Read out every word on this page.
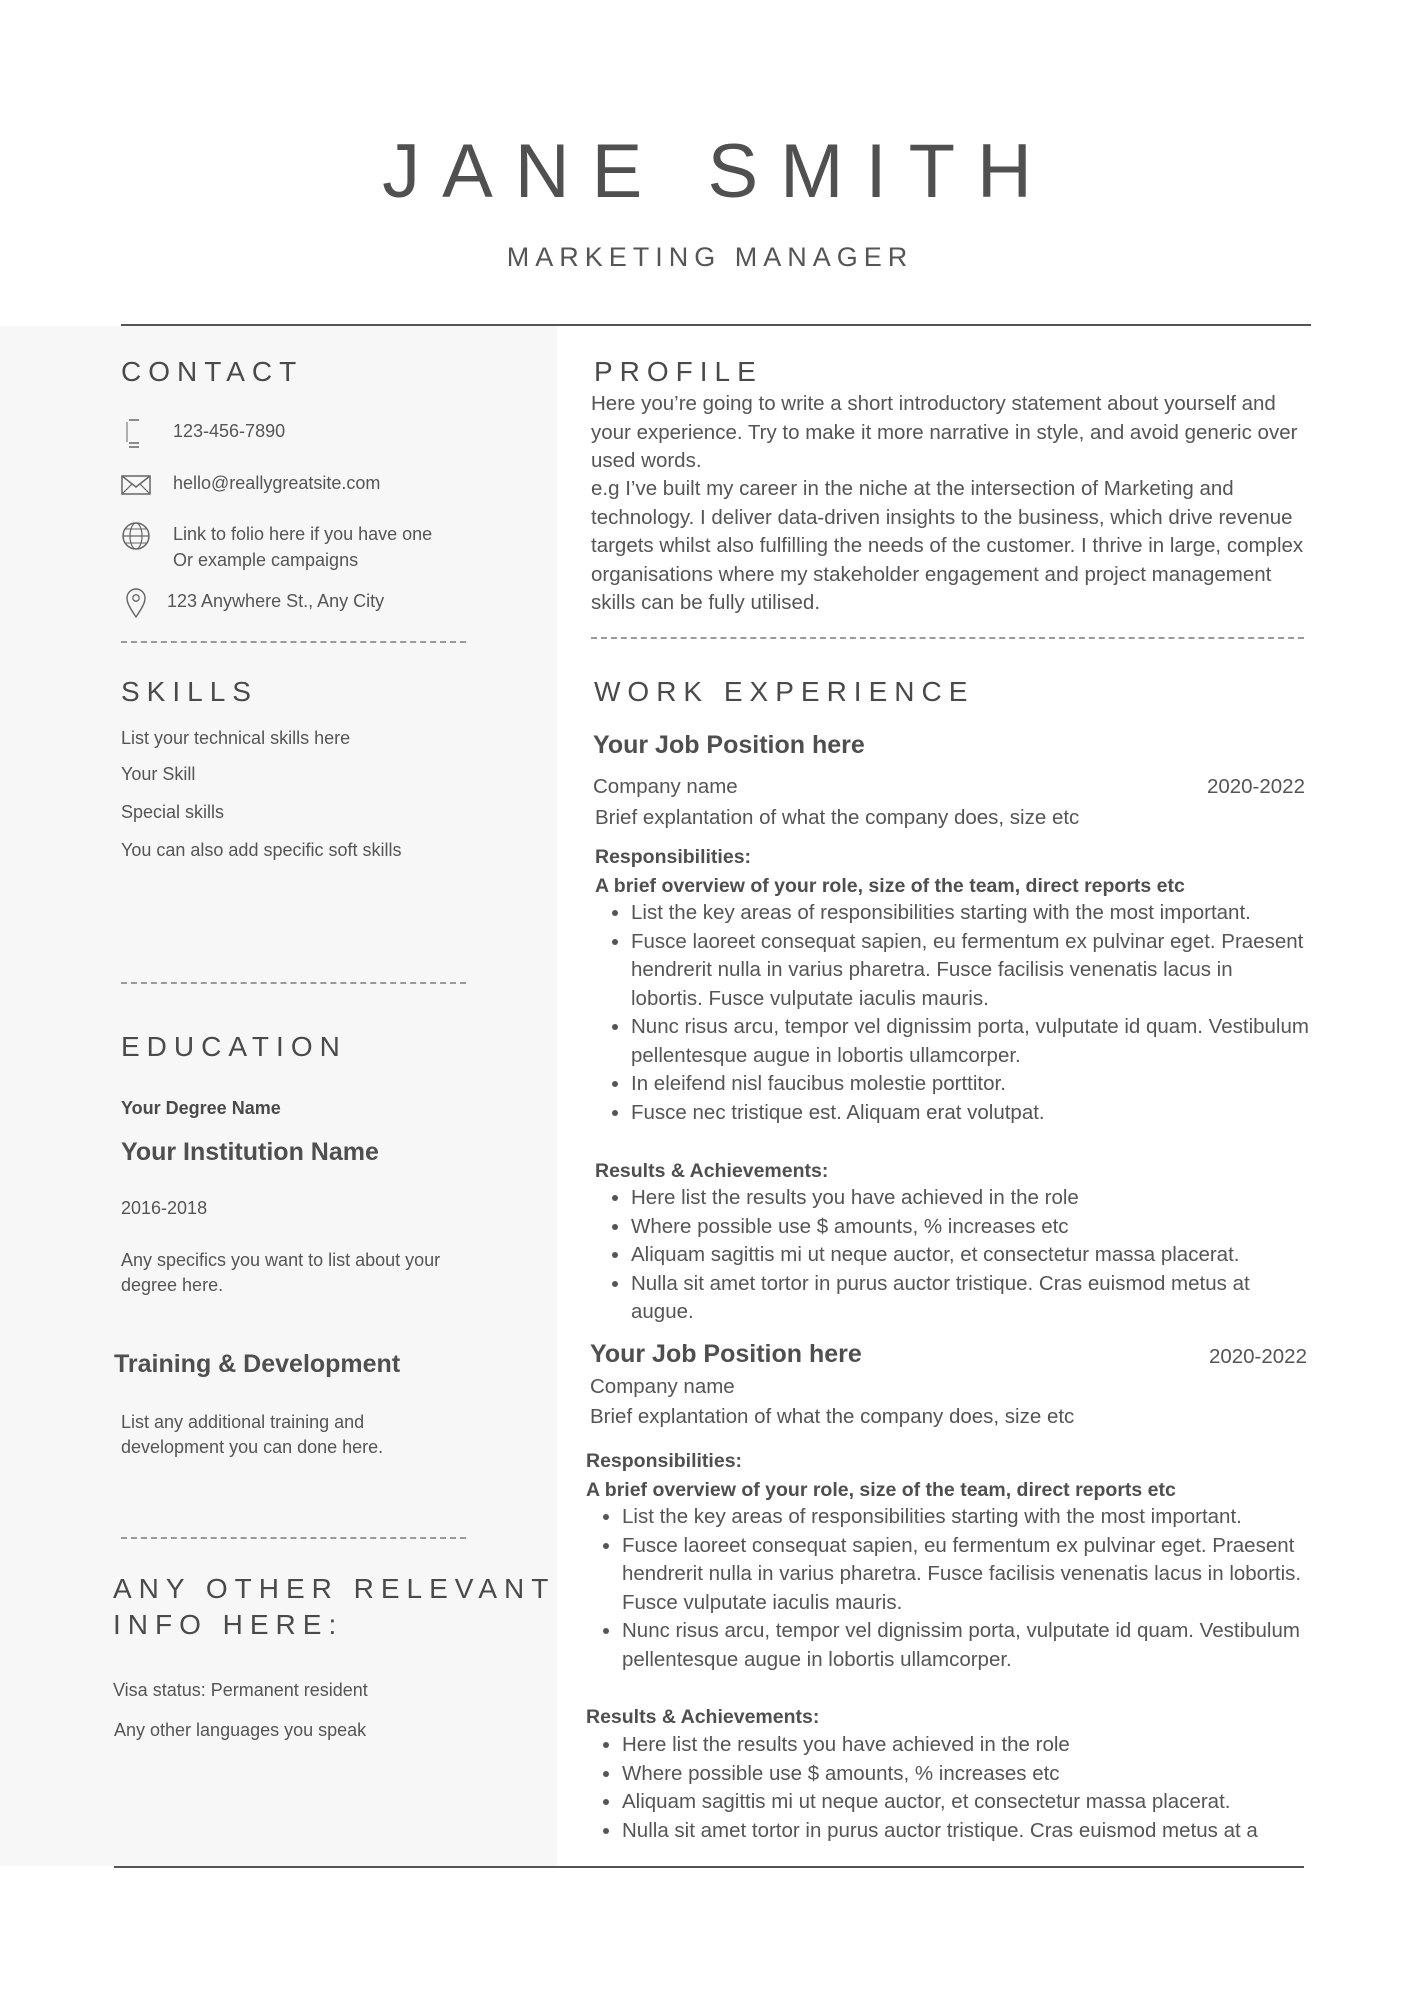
JANE SMITH
MARKETING MANAGER
CONTACT
123-456-7890
hello@reallygreatsite.com
Link to folio here if you have one
Or example campaigns
123 Anywhere St., Any City
SKILLS
List your technical skills here
Your Skill
Special skills
You can also add specific soft skills
EDUCATION
Your Degree Name
Your Institution Name
2016-2018
Any specifics you want to list about your degree here.
Training & Development
List any additional training and development you can done here.
ANY OTHER RELEVANT
INFO HERE:
Visa status: Permanent resident
Any other languages you speak
PROFILE
Here you’re going to write a short introductory statement about yourself and your experience. Try to make it more narrative in style, and avoid generic over used words.
e.g I’ve built my career in the niche at the intersection of Marketing and technology. I deliver data-driven insights to the business, which drive revenue targets whilst also fulfilling the needs of the customer. I thrive in large, complex organisations where my stakeholder engagement and project management skills can be fully utilised.
WORK EXPERIENCE
Your Job Position here
Company name	2020-2022
Brief explantation of what the company does, size etc
Responsibilities:
A brief overview of your role, size of the team, direct reports etc
• List the key areas of responsibilities starting with the most important.
• Fusce laoreet consequat sapien, eu fermentum ex pulvinar eget. Praesent hendrerit nulla in varius pharetra. Fusce facilisis venenatis lacus in lobortis. Fusce vulputate iaculis mauris.
• Nunc risus arcu, tempor vel dignissim porta, vulputate id quam. Vestibulum pellentesque augue in lobortis ullamcorper.
• In eleifend nisl faucibus molestie porttitor.
• Fusce nec tristique est. Aliquam erat volutpat.
Results & Achievements:
• Here list the results you have achieved in the role
• Where possible use $ amounts, % increases etc
• Aliquam sagittis mi ut neque auctor, et consectetur massa placerat.
• Nulla sit amet tortor in purus auctor tristique. Cras euismod metus at augue.
Your Job Position here	2020-2022
Company name
Brief explantation of what the company does, size etc
Responsibilities:
A brief overview of your role, size of the team, direct reports etc
• List the key areas of responsibilities starting with the most important.
• Fusce laoreet consequat sapien, eu fermentum ex pulvinar eget. Praesent hendrerit nulla in varius pharetra. Fusce facilisis venenatis lacus in lobortis. Fusce vulputate iaculis mauris.
• Nunc risus arcu, tempor vel dignissim porta, vulputate id quam. Vestibulum pellentesque augue in lobortis ullamcorper.
Results & Achievements:
• Here list the results you have achieved in the role
• Where possible use $ amounts, % increases etc
• Aliquam sagittis mi ut neque auctor, et consectetur massa placerat.
• Nulla sit amet tortor in purus auctor tristique. Cras euismod metus at a
